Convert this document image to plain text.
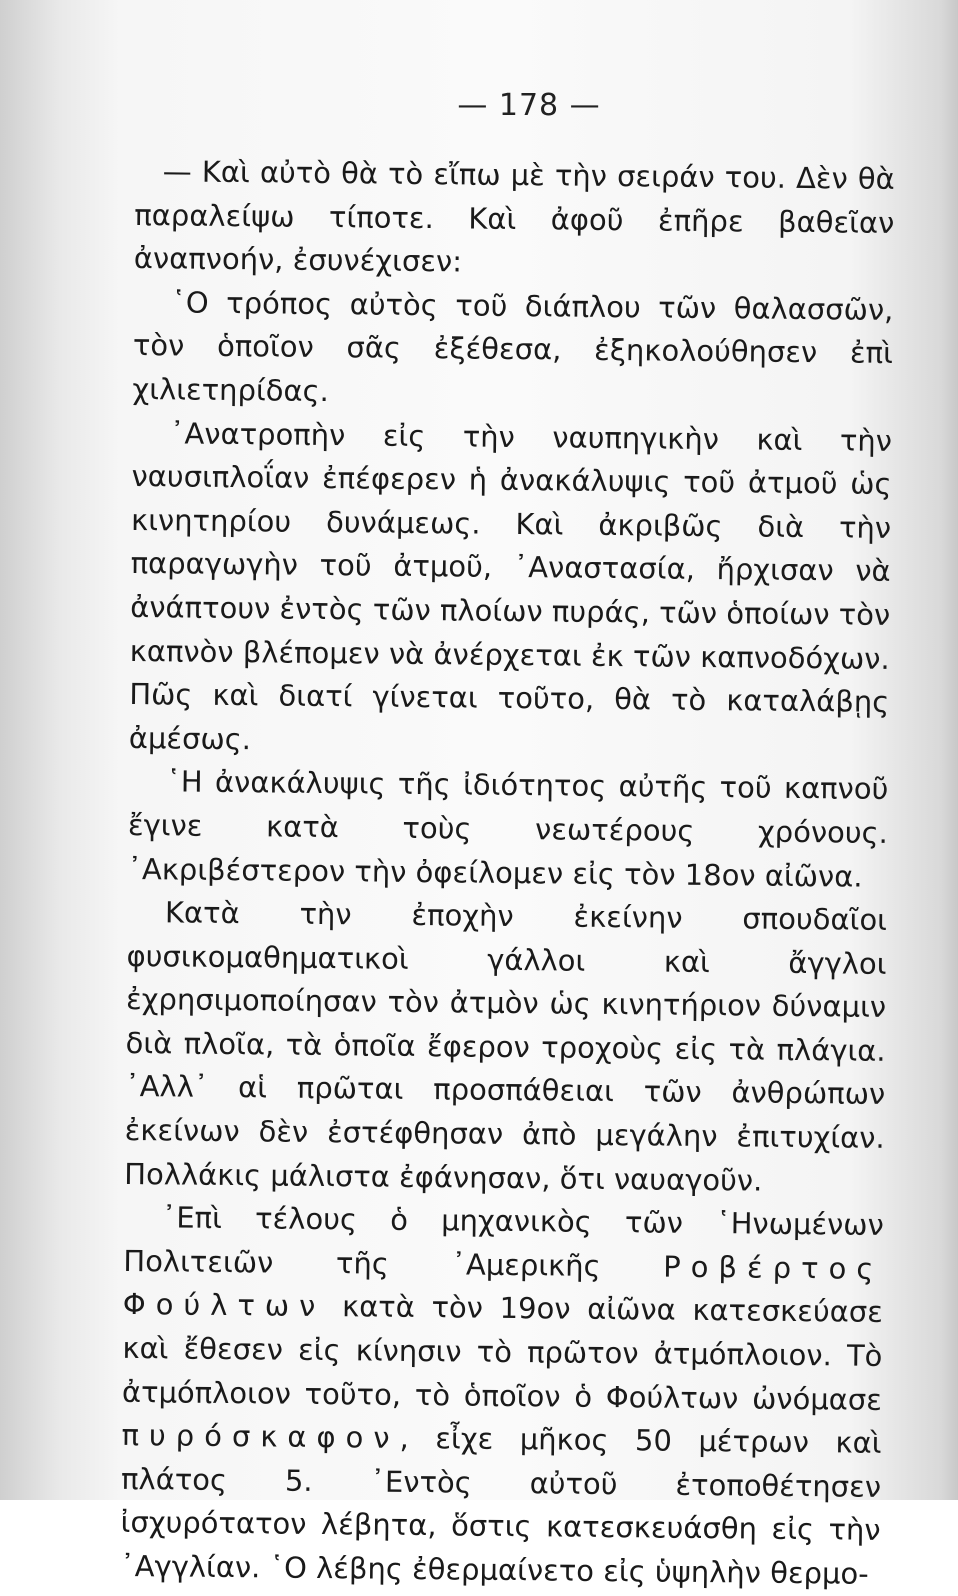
— 178 —

— Καὶ αὐτὸ θὰ τὸ εἴπω μὲ τὴν σειράν του. Δὲν θὰ παραλείψω τίποτε. Καὶ ἀφοῦ ἐπῆρε βαθεῖαν ἀναπνοήν, ἐσυνέχισεν:

῾Ο τρόπος αὐτὸς τοῦ διάπλου τῶν θαλασσῶν, τὸν ὁποῖον σᾶς ἐξέθεσα, ἐξηκολούθησεν ἐπὶ χιλιετηρίδας.

᾿Ανατροπὴν εἰς τὴν ναυπηγικὴν καὶ τὴν ναυσιπλοΐαν ἐπέφερεν ἡ ἀνακάλυψις τοῦ ἀτμοῦ ὡς κινητηρίου δυνάμεως. Καὶ ἀκριβῶς διὰ τὴν παραγωγὴν τοῦ ἀτμοῦ, ᾿Αναστασία, ἤρχισαν νὰ ἀνάπτουν ἐντὸς τῶν πλοίων πυράς, τῶν ὁποίων τὸν καπνὸν βλέπομεν νὰ ἀνέρχεται ἐκ τῶν καπνοδόχων. Πῶς καὶ διατί γίνεται τοῦτο, θὰ τὸ καταλάβῃς ἀμέσως.

῾Η ἀνακάλυψις τῆς ἰδιότητος αὐτῆς τοῦ καπνοῦ ἔγινε κατὰ τοὺς νεωτέρους χρόνους. ᾿Ακριβέστερον τὴν ὀφείλομεν εἰς τὸν 18ον αἰῶνα.

Κατὰ τὴν ἐποχὴν ἐκείνην σπουδαῖοι φυσικομαθηματικοὶ γάλλοι καὶ ἄγγλοι ἐχρησιμοποίησαν τὸν ἀτμὸν ὡς κινητήριον δύναμιν διὰ πλοῖα, τὰ ὁποῖα ἔφερον τροχοὺς εἰς τὰ πλάγια. ᾿Αλλ᾿ αἱ πρῶται προσπάθειαι τῶν ἀνθρώπων ἐκείνων δὲν ἐστέφθησαν ἀπὸ μεγάλην ἐπιτυχίαν. Πολλάκις μάλιστα ἐφάνησαν, ὅτι ναυαγοῦν.

᾿Επὶ τέλους ὁ μηχανικὸς τῶν ῾Ηνωμένων Πολιτειῶν τῆς ᾿Αμερικῆς Ροβέρτος Φούλτων κατὰ τὸν 19ον αἰῶνα κατεσκεύασε καὶ ἔθεσεν εἰς κίνησιν τὸ πρῶτον ἀτμόπλοιον. Τὸ ἀτμόπλοιον τοῦτο, τὸ ὁποῖον ὁ Φούλτων ὠνόμασε πυρόσκαφον, εἶχε μῆκος 50 μέτρων καὶ πλάτος 5. ᾿Εντὸς αὐτοῦ ἐτοποθέτησεν ἰσχυρότατον λέβητα, ὅστις κατεσκευάσθη εἰς τὴν ᾿Αγγλίαν. ῾Ο λέβης ἐθερμαίνετο εἰς ὑψηλὴν θερμο-
